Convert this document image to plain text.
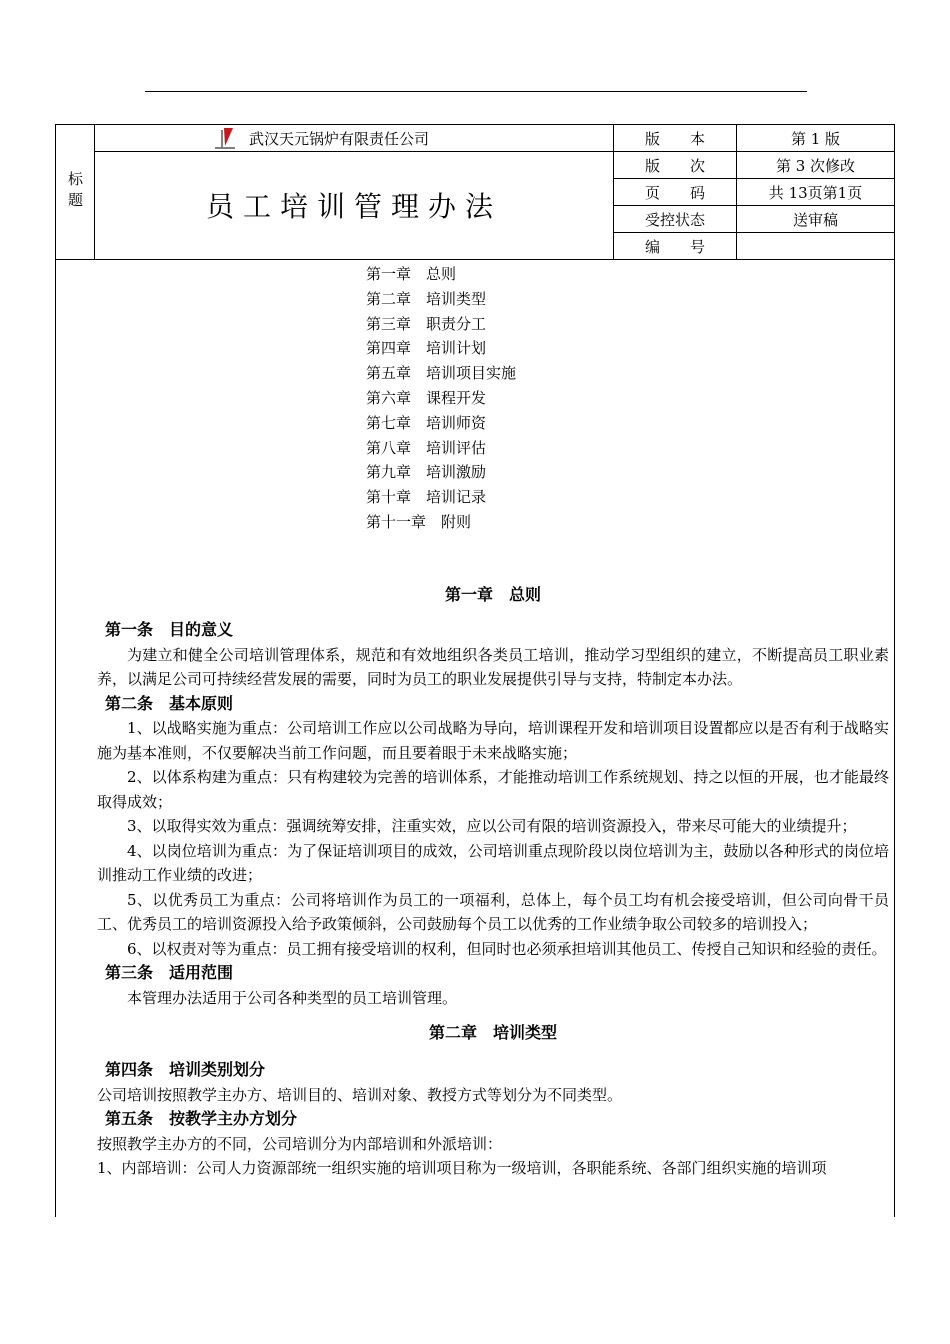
标题
武汉天元锅炉有限责任公司
员工培训管理办法
版　　本	第 1 版
版　　次	第 3 次修改
页　　码	共 13页第1页
受控状态	送审稿
编　　号
第一章　总则
第二章　培训类型
第三章　职责分工
第四章　培训计划
第五章　培训项目实施
第六章　课程开发
第七章　培训师资
第八章　培训评估
第九章　培训激励
第十章　培训记录
第十一章　附则
第一章　总则
第一条　目的意义
为建立和健全公司培训管理体系，规范和有效地组织各类员工培训，推动学习型组织的建立，不断提高员工职业素养，以满足公司可持续经营发展的需要，同时为员工的职业发展提供引导与支持，特制定本办法。
第二条　基本原则
1、以战略实施为重点：公司培训工作应以公司战略为导向，培训课程开发和培训项目设置都应以是否有利于战略实施为基本准则，不仅要解决当前工作问题，而且要着眼于未来战略实施；
2、以体系构建为重点：只有构建较为完善的培训体系，才能推动培训工作系统规划、持之以恒的开展，也才能最终取得成效；
3、以取得实效为重点：强调统筹安排，注重实效，应以公司有限的培训资源投入，带来尽可能大的业绩提升；
4、以岗位培训为重点：为了保证培训项目的成效，公司培训重点现阶段以岗位培训为主，鼓励以各种形式的岗位培训推动工作业绩的改进；
5、以优秀员工为重点：公司将培训作为员工的一项福利，总体上，每个员工均有机会接受培训，但公司向骨干员工、优秀员工的培训资源投入给予政策倾斜，公司鼓励每个员工以优秀的工作业绩争取公司较多的培训投入；
6、以权责对等为重点：员工拥有接受培训的权利，但同时也必须承担培训其他员工、传授自己知识和经验的责任。
第三条　适用范围
本管理办法适用于公司各种类型的员工培训管理。
第二章　培训类型
第四条　培训类别划分
公司培训按照教学主办方、培训目的、培训对象、教授方式等划分为不同类型。
第五条　按教学主办方划分
按照教学主办方的不同，公司培训分为内部培训和外派培训：
1、内部培训：公司人力资源部统一组织实施的培训项目称为一级培训，各职能系统、各部门组织实施的培训项
